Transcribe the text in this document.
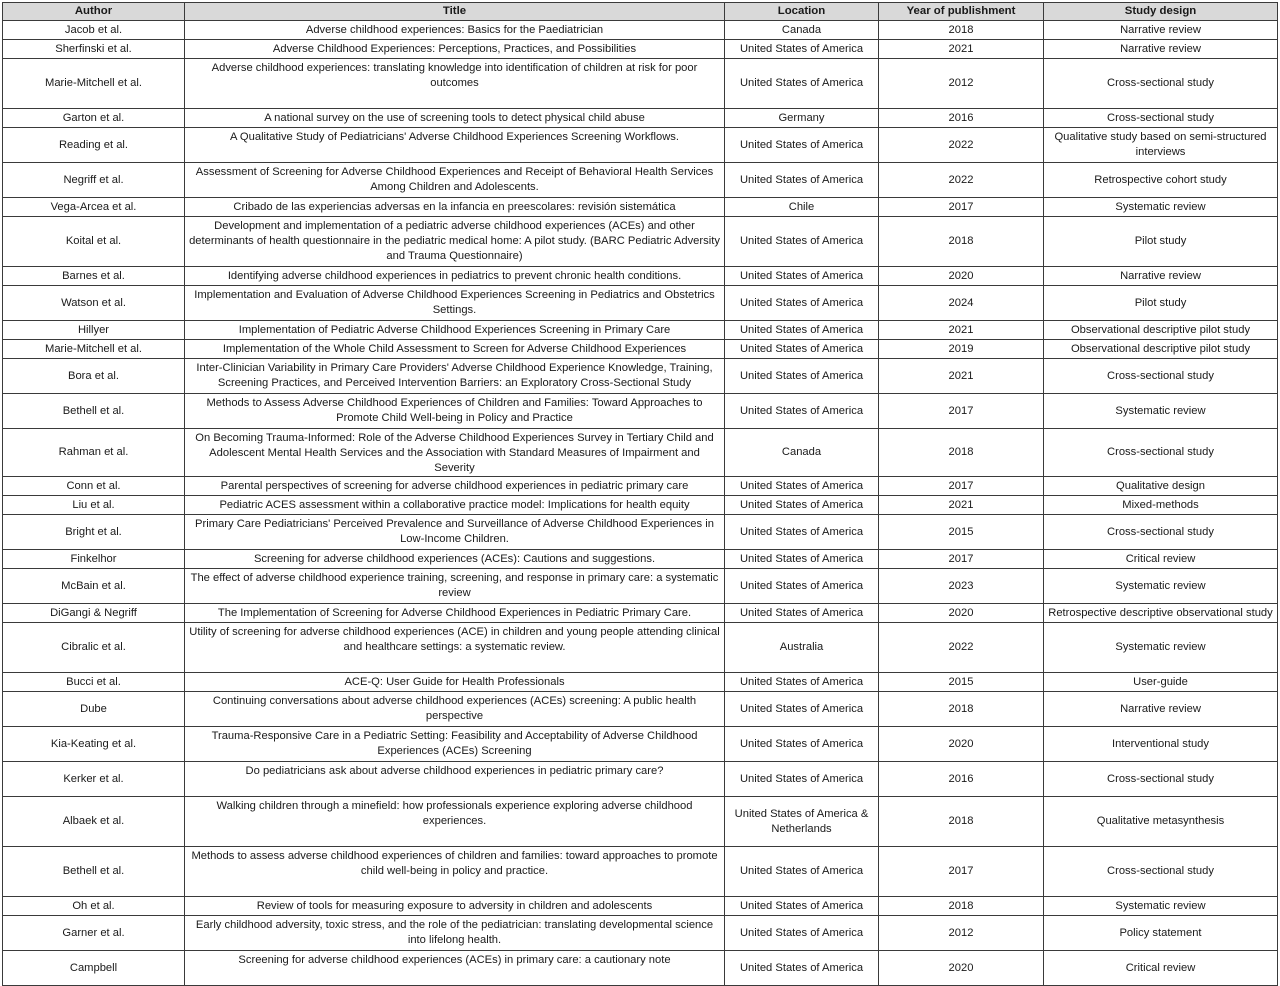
Author	Title	Location	Year of publishment	Study design
Jacob et al.	Adverse childhood experiences: Basics for the Paediatrician	Canada	2018	Narrative review
Sherfinski et al.	Adverse Childhood Experiences: Perceptions, Practices, and Possibilities	United States of America	2021	Narrative review
Marie-Mitchell et al.	Adverse childhood experiences: translating knowledge into identification of children at risk for poor outcomes	United States of America	2012	Cross-sectional study
Garton et al.	A national survey on the use of screening tools to detect physical child abuse	Germany	2016	Cross-sectional study
Reading et al.	A Qualitative Study of Pediatricians' Adverse Childhood Experiences Screening Workflows.	United States of America	2022	Qualitative study based on semi-structured interviews
Negriff et al.	Assessment of Screening for Adverse Childhood Experiences and Receipt of Behavioral Health Services Among Children and Adolescents.	United States of America	2022	Retrospective cohort study
Vega-Arcea et al.	Cribado de las experiencias adversas en la infancia en preescolares: revisión sistemática	Chile	2017	Systematic review
Koital et al.	Development and implementation of a pediatric adverse childhood experiences (ACEs) and other determinants of health questionnaire in the pediatric medical home: A pilot study. (BARC Pediatric Adversity and Trauma Questionnaire)	United States of America	2018	Pilot study
Barnes et al.	Identifying adverse childhood experiences in pediatrics to prevent chronic health conditions.	United States of America	2020	Narrative review
Watson et al.	Implementation and Evaluation of Adverse Childhood Experiences Screening in Pediatrics and Obstetrics Settings.	United States of America	2024	Pilot study
Hillyer	Implementation of Pediatric Adverse Childhood Experiences Screening in Primary Care	United States of America	2021	Observational descriptive pilot study
Marie-Mitchell et al.	Implementation of the Whole Child Assessment to Screen for Adverse Childhood Experiences	United States of America	2019	Observational descriptive pilot study
Bora et al.	Inter-Clinician Variability in Primary Care Providers' Adverse Childhood Experience Knowledge, Training, Screening Practices, and Perceived Intervention Barriers: an Exploratory Cross-Sectional Study	United States of America	2021	Cross-sectional study
Bethell et al.	Methods to Assess Adverse Childhood Experiences of Children and Families: Toward Approaches to Promote Child Well-being in Policy and Practice	United States of America	2017	Systematic review
Rahman et al.	On Becoming Trauma-Informed: Role of the Adverse Childhood Experiences Survey in Tertiary Child and Adolescent Mental Health Services and the Association with Standard Measures of Impairment and Severity	Canada	2018	Cross-sectional study
Conn et al.	Parental perspectives of screening for adverse childhood experiences in pediatric primary care	United States of America	2017	Qualitative design
Liu et al.	Pediatric ACES assessment within a collaborative practice model: Implications for health equity	United States of America	2021	Mixed-methods
Bright et al.	Primary Care Pediatricians' Perceived Prevalence and Surveillance of Adverse Childhood Experiences in Low-Income Children.	United States of America	2015	Cross-sectional study
Finkelhor	Screening for adverse childhood experiences (ACEs): Cautions and suggestions.	United States of America	2017	Critical review
McBain et al.	The effect of adverse childhood experience training, screening, and response in primary care: a systematic review	United States of America	2023	Systematic review
DiGangi & Negriff	The Implementation of Screening for Adverse Childhood Experiences in Pediatric Primary Care.	United States of America	2020	Retrospective descriptive observational study
Cibralic et al.	Utility of screening for adverse childhood experiences (ACE) in children and young people attending clinical and healthcare settings: a systematic review.	Australia	2022	Systematic review
Bucci et al.	ACE-Q: User Guide for Health Professionals	United States of America	2015	User-guide
Dube	Continuing conversations about adverse childhood experiences (ACEs) screening: A public health perspective	United States of America	2018	Narrative review
Kia-Keating et al.	Trauma-Responsive Care in a Pediatric Setting: Feasibility and Acceptability of Adverse Childhood Experiences (ACEs) Screening	United States of America	2020	Interventional study
Kerker et al.	Do pediatricians ask about adverse childhood experiences in pediatric primary care?	United States of America	2016	Cross-sectional study
Albaek et al.	Walking children through a minefield: how professionals experience exploring adverse childhood experiences.	United States of America & Netherlands	2018	Qualitative metasynthesis
Bethell et al.	Methods to assess adverse childhood experiences of children and families: toward approaches to promote child well-being in policy and practice.	United States of America	2017	Cross-sectional study
Oh et al.	Review of tools for measuring exposure to adversity in children and adolescents	United States of America	2018	Systematic review
Garner et al.	Early childhood adversity, toxic stress, and the role of the pediatrician: translating developmental science into lifelong health.	United States of America	2012	Policy statement
Campbell	Screening for adverse childhood experiences (ACEs) in primary care: a cautionary note	United States of America	2020	Critical review
